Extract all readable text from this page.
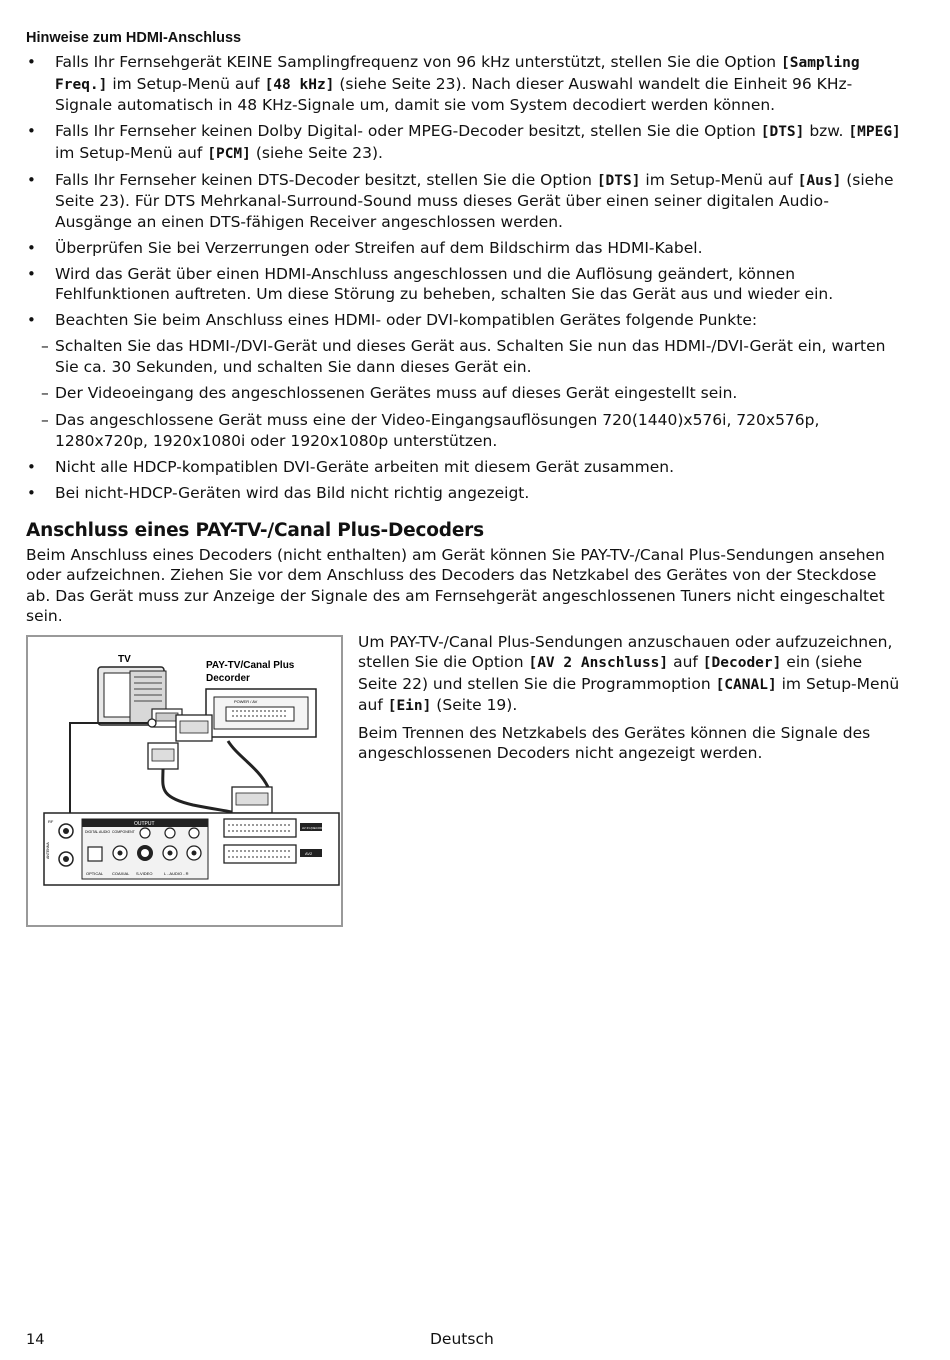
Hinweise zum HDMI-Anschluss
• Falls Ihr Fernsehgerät KEINE Samplingfrequenz von 96 kHz unterstützt, stellen Sie die Option [Sampling Freq.] im Setup-Menü auf [48 kHz] (siehe Seite 23). Nach dieser Auswahl wandelt die Einheit 96 KHz-Signale automatisch in 48 KHz-Signale um, damit sie vom System decodiert werden können.
• Falls Ihr Fernseher keinen Dolby Digital- oder MPEG-Decoder besitzt, stellen Sie die Option [DTS] bzw. [MPEG] im Setup-Menü auf [PCM] (siehe Seite 23).
• Falls Ihr Fernseher keinen DTS-Decoder besitzt, stellen Sie die Option [DTS] im Setup-Menü auf [Aus] (siehe Seite 23). Für DTS Mehrkanal-Surround-Sound muss dieses Gerät über einen seiner digitalen Audio-Ausgänge an einen DTS-fähigen Receiver angeschlossen werden.
• Überprüfen Sie bei Verzerrungen oder Streifen auf dem Bildschirm das HDMI-Kabel.
• Wird das Gerät über einen HDMI-Anschluss angeschlossen und die Auflösung geändert, können Fehlfunktionen auftreten. Um diese Störung zu beheben, schalten Sie das Gerät aus und wieder ein.
• Beachten Sie beim Anschluss eines HDMI- oder DVI-kompatiblen Gerätes folgende Punkte:
– Schalten Sie das HDMI-/DVI-Gerät und dieses Gerät aus. Schalten Sie nun das HDMI-/DVI-Gerät ein, warten Sie ca. 30 Sekunden, und schalten Sie dann dieses Gerät ein.
– Der Videoeingang des angeschlossenen Gerätes muss auf dieses Gerät eingestellt sein.
– Das angeschlossene Gerät muss eine der Video-Eingangsauflösungen 720(1440)x576i, 720x576p, 1280x720p, 1920x1080i oder 1920x1080p unterstützen.
• Nicht alle HDCP-kompatiblen DVI-Geräte arbeiten mit diesem Gerät zusammen.
• Bei nicht-HDCP-Geräten wird das Bild nicht richtig angezeigt.
Anschluss eines PAY-TV-/Canal Plus-Decoders

Beim Anschluss eines Decoders (nicht enthalten) am Gerät können Sie PAY-TV-/Canal Plus-Sendungen ansehen oder aufzeichnen. Ziehen Sie vor dem Anschluss des Decoders das Netzkabel des Gerätes von der Steckdose ab. Das Gerät muss zur Anzeige der Signale des am Fernsehgerät angeschlossenen Tuners nicht eingeschaltet sein.

TV
PAY-TV/Canal Plus
Decorder
POWER / AV
OUTPUT
DIGITAL AUDIO COMPONENT
OPTICAL COAXIAL S-VIDEO	L - AUDIO - R
RF
ANTENNA
AV IN (DECODER)
AV2

Um PAY-TV-/Canal Plus-Sendungen anzuschauen oder aufzuzeichnen, stellen Sie die Option [AV 2 Anschluss] auf [Decoder] ein (siehe Seite 22) und stellen Sie die Programmoption [CANAL] im Setup-Menü auf [Ein] (Seite 19).

Beim Trennen des Netzkabels des Gerätes können die Signale des angeschlossenen Decoders nicht angezeigt werden.

14	Deutsch
